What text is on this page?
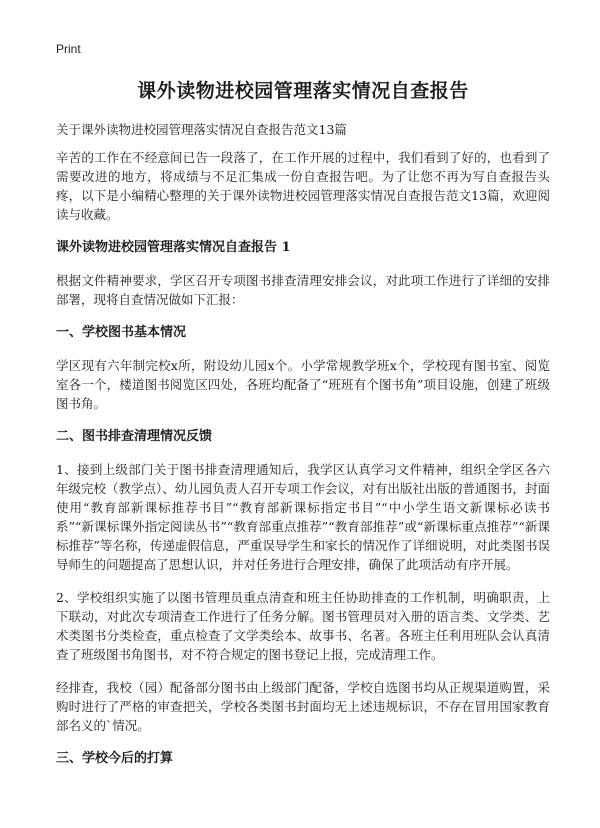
Print
课外读物进校园管理落实情况自查报告

关于课外读物进校园管理落实情况自查报告范文13篇

辛苦的工作在不经意间已告一段落了，在工作开展的过程中，我们看到了好的，也看到了需要改进的地方，将成绩与不足汇集成一份自查报告吧。为了让您不再为写自查报告头疼，以下是小编精心整理的关于课外读物进校园管理落实情况自查报告范文13篇，欢迎阅读与收藏。

课外读物进校园管理落实情况自查报告 1

根据文件精神要求，学区召开专项图书排查清理安排会议，对此项工作进行了详细的安排部署，现将自查情况做如下汇报：

一、学校图书基本情况

学区现有六年制完校x所，附设幼儿园x个。小学常规教学班x个，学校现有图书室、阅览室各一个，楼道图书阅览区四处，各班均配备了“班班有个图书角”项目设施，创建了班级图书角。

二、图书排查清理情况反馈

1、接到上级部门关于图书排查清理通知后，我学区认真学习文件精神，组织全学区各六年级完校（教学点）、幼儿园负责人召开专项工作会议，对有出版社出版的普通图书，封面使用“教育部新课标推荐书目”“教育部新课标指定书目”“中小学生语文新课标必读书系”“新课标课外指定阅读丛书”“教育部重点推荐”“教育部推荐”或“新课标重点推荐”“新课标推荐”等名称，传递虚假信息，严重误导学生和家长的情况作了详细说明，对此类图书误导师生的问题提高了思想认识，并对任务进行合理安排，确保了此项活动有序开展。

2、学校组织实施了以图书管理员重点清查和班主任协助排查的工作机制，明确职责，上下联动，对此次专项清查工作进行了任务分解。图书管理员对入册的语言类、文学类、艺术类图书分类检查，重点检查了文学类绘本、故事书、名著。各班主任利用班队会认真清查了班级图书角图书，对不符合规定的图书登记上报，完成清理工作。

经排查，我校（园）配备部分图书由上级部门配备，学校自选图书均从正规渠道购置，采购时进行了严格的审查把关，学校各类图书封面均无上述违规标识，不存在冒用国家教育部名义的`情况。

三、学校今后的打算
